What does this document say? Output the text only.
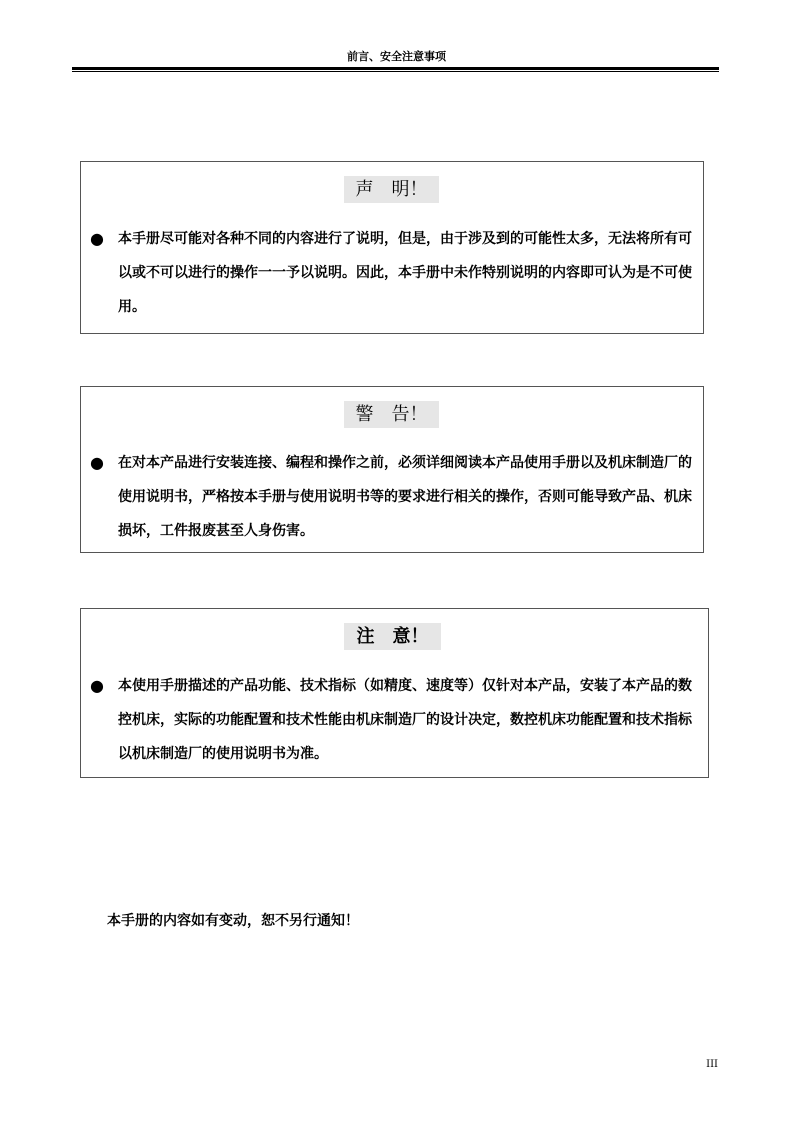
前言、安全注意事项
声　明！
● 本手册尽可能对各种不同的内容进行了说明，但是，由于涉及到的可能性太多，无法将所有可以或不可以进行的操作一一予以说明。因此，本手册中未作特别说明的内容即可认为是不可使用。
警　告！
● 在对本产品进行安装连接、编程和操作之前，必须详细阅读本产品使用手册以及机床制造厂的使用说明书，严格按本手册与使用说明书等的要求进行相关的操作，否则可能导致产品、机床损坏，工件报废甚至人身伤害。
注　意！
● 本使用手册描述的产品功能、技术指标（如精度、速度等）仅针对本产品，安装了本产品的数控机床，实际的功能配置和技术性能由机床制造厂的设计决定，数控机床功能配置和技术指标以机床制造厂的使用说明书为准。
本手册的内容如有变动，恕不另行通知！
III
